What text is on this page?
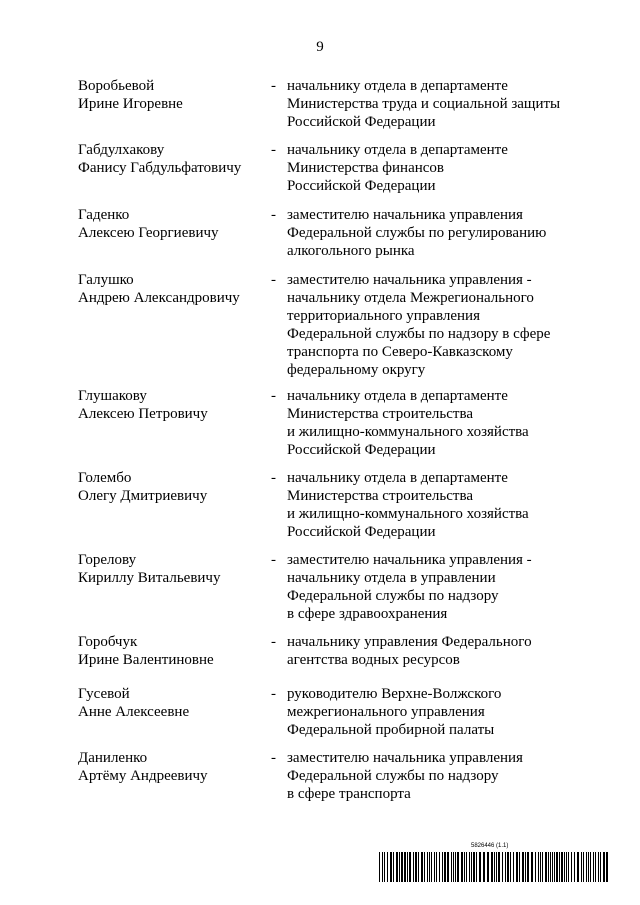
9
Воробьевой
Ирине Игоревне
- начальнику отдела в департаменте
Министерства труда и социальной защиты
Российской Федерации
Габдулхакову
Фанису Габдульфатовичу
- начальнику отдела в департаменте
Министерства финансов
Российской Федерации
Гаденко
Алексею Георгиевичу
- заместителю начальника управления
Федеральной службы по регулированию
алкогольного рынка
Галушко
Андрею Александровичу
- заместителю начальника управления -
начальнику отдела Межрегионального
территориального управления
Федеральной службы по надзору в сфере
транспорта по Северо-Кавказскому
федеральному округу
Глушакову
Алексею Петровичу
- начальнику отдела в департаменте
Министерства строительства
и жилищно-коммунального хозяйства
Российской Федерации
Голембо
Олегу Дмитриевичу
- начальнику отдела в департаменте
Министерства строительства
и жилищно-коммунального хозяйства
Российской Федерации
Горелову
Кириллу Витальевичу
- заместителю начальника управления -
начальнику отдела в управлении
Федеральной службы по надзору
в сфере здравоохранения
Горобчук
Ирине Валентиновне
- начальнику управления Федерального
агентства водных ресурсов
Гусевой
Анне Алексеевне
- руководителю Верхне-Волжского
межрегионального управления
Федеральной пробирной палаты
Даниленко
Артёму Андреевичу
- заместителю начальника управления
Федеральной службы по надзору
в сфере транспорта
5826446 (1.1)
